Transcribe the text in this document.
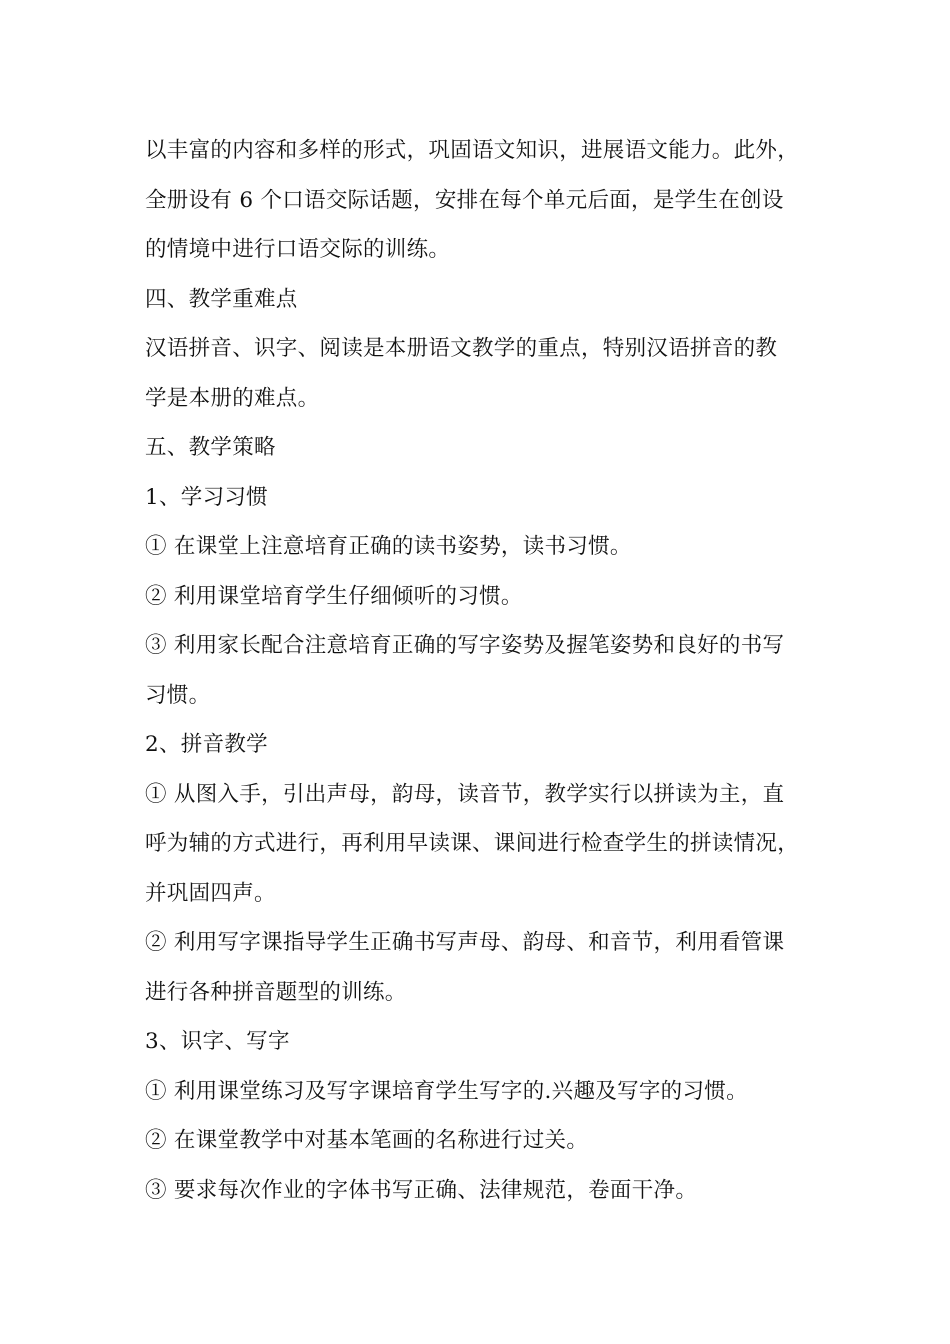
以丰富的内容和多样的形式，巩固语文知识，进展语文能力。此外，
全册设有 6 个口语交际话题，安排在每个单元后面，是学生在创设
的情境中进行口语交际的训练。
四、教学重难点
汉语拼音、识字、阅读是本册语文教学的重点，特别汉语拼音的教
学是本册的难点。
五、教学策略
1、学习习惯
① 在课堂上注意培育正确的读书姿势，读书习惯。
② 利用课堂培育学生仔细倾听的习惯。
③ 利用家长配合注意培育正确的写字姿势及握笔姿势和良好的书写
习惯。
2、拼音教学
① 从图入手，引出声母，韵母，读音节，教学实行以拼读为主，直
呼为辅的方式进行，再利用早读课、课间进行检查学生的拼读情况，
并巩固四声。
② 利用写字课指导学生正确书写声母、韵母、和音节，利用看管课
进行各种拼音题型的训练。
3、识字、写字
① 利用课堂练习及写字课培育学生写字的.兴趣及写字的习惯。
② 在课堂教学中对基本笔画的名称进行过关。
③ 要求每次作业的字体书写正确、法律规范，卷面干净。
